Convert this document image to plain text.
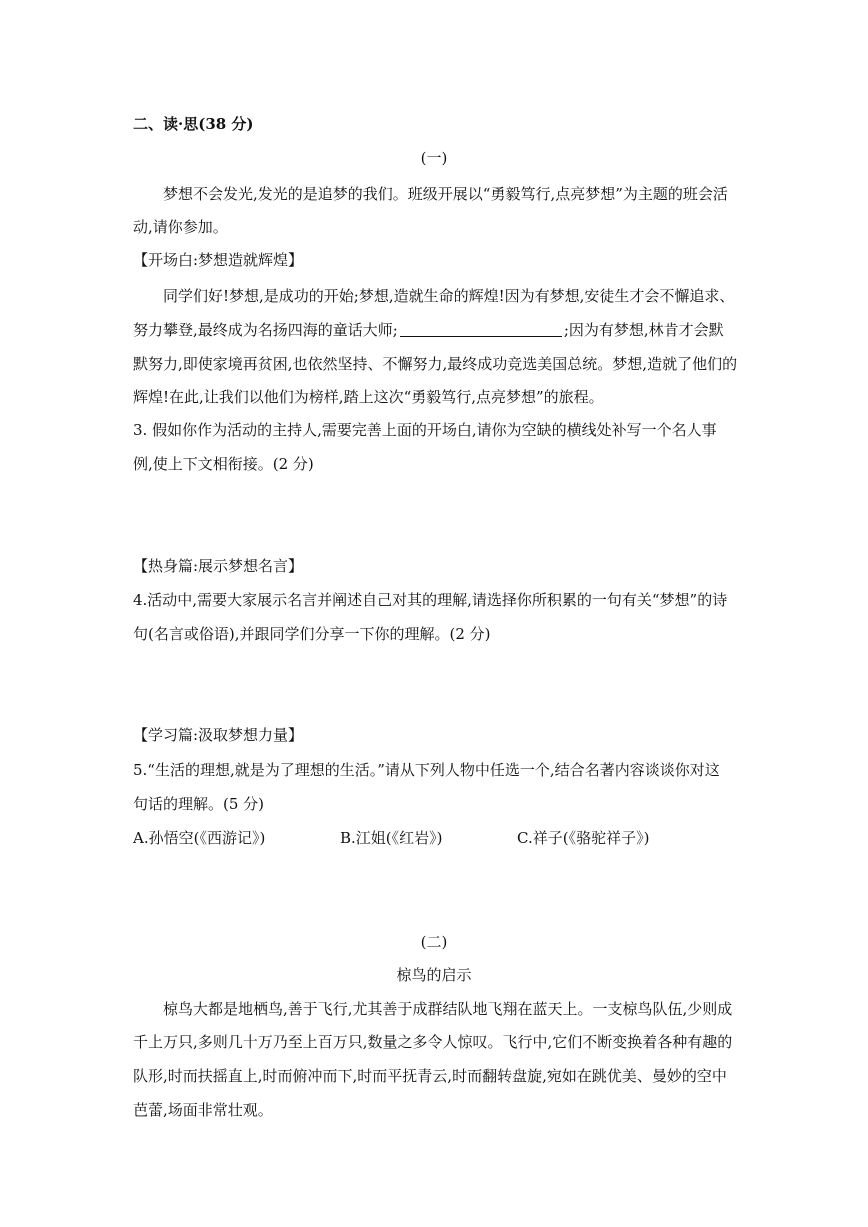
二、读·思(38 分)
(一)
梦想不会发光,发光的是追梦的我们。班级开展以“勇毅笃行,点亮梦想”为主题的班会活
动,请你参加。
【开场白:梦想造就辉煌】
同学们好!梦想,是成功的开始;梦想,造就生命的辉煌!因为有梦想,安徒生才会不懈追求、
努力攀登,最终成为名扬四海的童话大师;	;因为有梦想,林肯才会默
默努力,即使家境再贫困,也依然坚持、不懈努力,最终成功竞选美国总统。梦想,造就了他们的
辉煌!在此,让我们以他们为榜样,踏上这次“勇毅笃行,点亮梦想”的旅程。
3. 假如你作为活动的主持人,需要完善上面的开场白,请你为空缺的横线处补写一个名人事
例,使上下文相衔接。(2 分)
【热身篇:展示梦想名言】
4.活动中,需要大家展示名言并阐述自己对其的理解,请选择你所积累的一句有关“梦想”的诗
句(名言或俗语),并跟同学们分享一下你的理解。(2 分)
【学习篇:汲取梦想力量】
5.“生活的理想,就是为了理想的生活。”请从下列人物中任选一个,结合名著内容谈谈你对这
句话的理解。(5 分)
A.孙悟空(《西游记》)	B.江姐(《红岩》)	C.祥子(《骆驼祥子》)
(二)
椋鸟的启示
椋鸟大都是地栖鸟,善于飞行,尤其善于成群结队地飞翔在蓝天上。一支椋鸟队伍,少则成
千上万只,多则几十万乃至上百万只,数量之多令人惊叹。飞行中,它们不断变换着各种有趣的
队形,时而扶摇直上,时而俯冲而下,时而平抚青云,时而翻转盘旋,宛如在跳优美、曼妙的空中
芭蕾,场面非常壮观。
